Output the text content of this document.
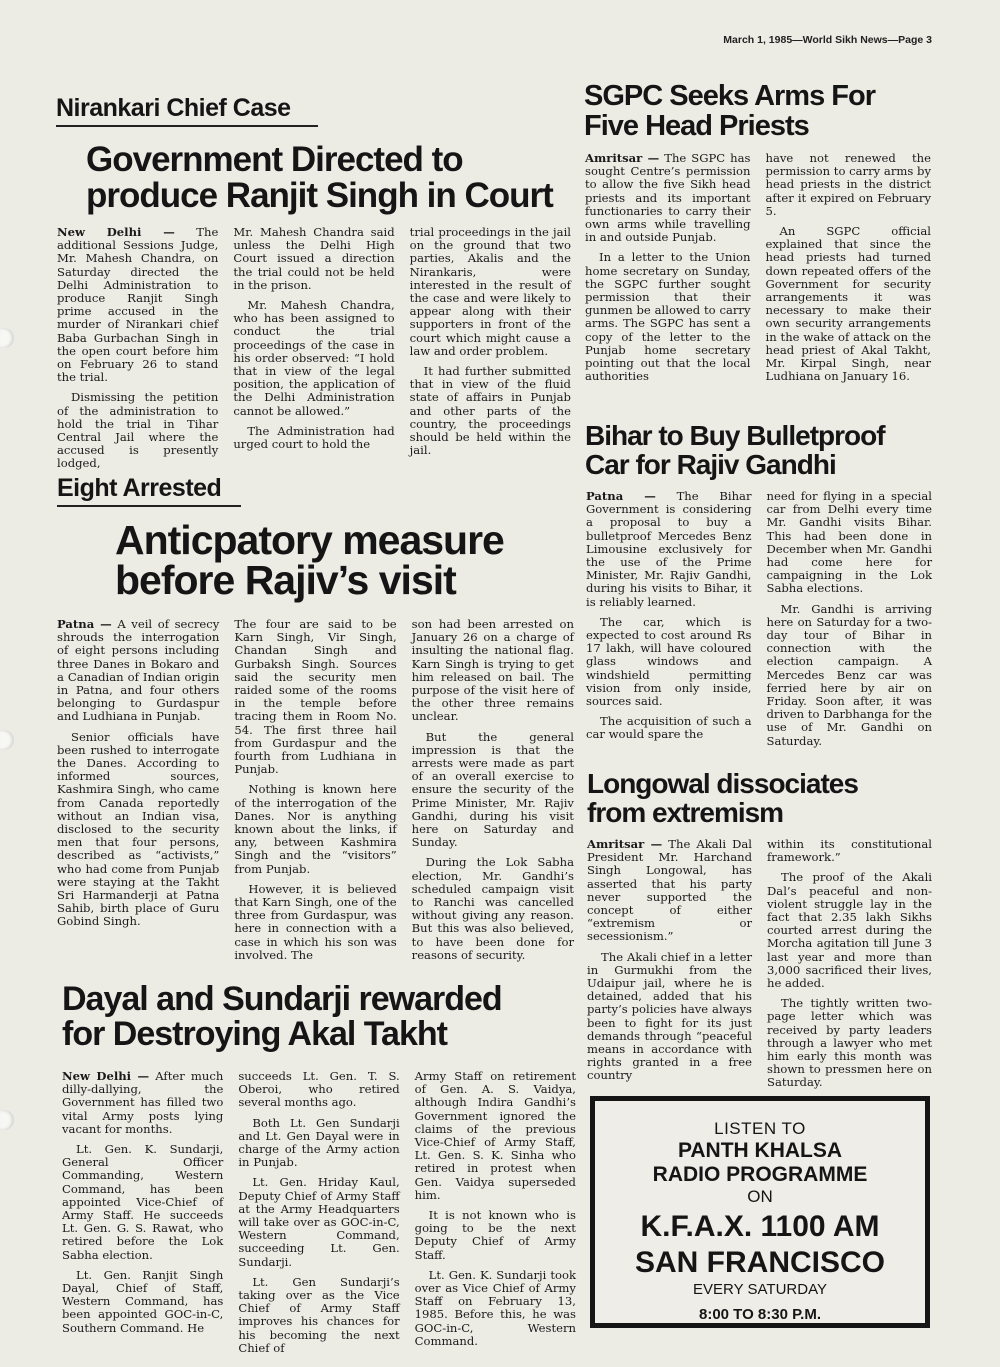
March 1, 1985—World Sikh News—Page 3
Nirankari Chief Case
Government Directed to
produce Ranjit Singh in Court

New Delhi — The additional Sessions Judge, Mr. Mahesh Chandra, on Saturday directed the Delhi Administration to produce Ranjit Singh prime accused in the murder of Nirankari chief Baba Gurbachan Singh in the open court before him on February 26 to stand the trial.

Dismissing the petition of the administration to hold the trial in Tihar Central Jail where the accused is presently lodged,

Mr. Mahesh Chandra said unless the Delhi High Court issued a direction the trial could not be held in the prison.

Mr. Mahesh Chandra, who has been assigned to conduct the trial proceedings of the case in his order observed: “I hold that in view of the legal position, the application of the Delhi Administration cannot be allowed.”

The Administration had urged court to hold the

trial proceedings in the jail on the ground that two parties, Akalis and the Nirankaris, were interested in the result of the case and were likely to appear along with their supporters in front of the court which might cause a law and order problem.

It had further submitted that in view of the fluid state of affairs in Punjab and other parts of the country, the proceedings should be held within the jail.

Eight Arrested
Anticpatory measure
before Rajiv’s visit

Patna — A veil of secrecy shrouds the interrogation of eight persons including three Danes in Bokaro and a Canadian of Indian origin in Patna, and four others belonging to Gurdaspur and Ludhiana in Punjab.

Senior officials have been rushed to interrogate the Danes. According to informed sources, Kashmira Singh, who came from Canada reportedly without an Indian visa, disclosed to the security men that four persons, described as “activists,” who had come from Punjab were staying at the Takht Sri Harmanderji at Patna Sahib, birth place of Guru Gobind Singh.

The four are said to be Karn Singh, Vir Singh, Chandan Singh and Gurbaksh Singh. Sources said the security men raided some of the rooms in the temple before tracing them in Room No. 54. The first three hail from Gurdaspur and the fourth from Ludhiana in Punjab.

Nothing is known here of the interrogation of the Danes. Nor is anything known about the links, if any, between Kashmira Singh and the “visitors” from Punjab.

However, it is believed that Karn Singh, one of the three from Gurdaspur, was here in connection with a case in which his son was involved. The

son had been arrested on January 26 on a charge of insulting the national flag. Karn Singh is trying to get him released on bail. The purpose of the visit here of the other three remains unclear.

But the general impression is that the arrests were made as part of an overall exercise to ensure the security of the Prime Minister, Mr. Rajiv Gandhi, during his visit here on Saturday and Sunday.

During the Lok Sabha election, Mr. Gandhi’s scheduled campaign visit to Ranchi was cancelled without giving any reason. But this was also believed, to have been done for reasons of security.

Dayal and Sundarji rewarded
for Destroying Akal Takht

New Delhi — After much dilly-dallying, the Government has filled two vital Army posts lying vacant for months.

Lt. Gen. K. Sundarji, General Officer Commanding, Western Command, has been appointed Vice-Chief of Army Staff. He succeeds Lt. Gen. G. S. Rawat, who retired before the Lok Sabha election.

Lt. Gen. Ranjit Singh Dayal, Chief of Staff, Western Command, has been appointed GOC-in-C, Southern Command. He

succeeds Lt. Gen. T. S. Oberoi, who retired several months ago.

Both Lt. Gen Sundarji and Lt. Gen Dayal were in charge of the Army action in Punjab.

Lt. Gen. Hriday Kaul, Deputy Chief of Army Staff at the Army Headquarters will take over as GOC-in-C, Western Command, succeeding Lt. Gen. Sundarji.

Lt. Gen Sundarji’s taking over as the Vice Chief of Army Staff improves his chances for his becoming the next Chief of

Army Staff on retirement of Gen. A. S. Vaidya, although Indira Gandhi’s Government ignored the claims of the previous Vice-Chief of Army Staff, Lt. Gen. S. K. Sinha who retired in protest when Gen. Vaidya superseded him.

It is not known who is going to be the next Deputy Chief of Army Staff.

Lt. Gen. K. Sundarji took over as Vice Chief of Army Staff on February 13, 1985. Before this, he was GOC-in-C, Western Command.

SGPC Seeks Arms For
Five Head Priests

Amritsar — The SGPC has sought Centre’s permission to allow the five Sikh head priests and its important functionaries to carry their own arms while travelling in and outside Punjab.

In a letter to the Union home secretary on Sunday, the SGPC further sought permission that their gunmen be allowed to carry arms. The SGPC has sent a copy of the letter to the Punjab home secretary pointing out that the local authorities

have not renewed the permission to carry arms by head priests in the district after it expired on February 5.

An SGPC official explained that since the head priests had turned down repeated offers of the Government for security arrangements it was necessary to make their own security arrangements in the wake of attack on the head priest of Akal Takht, Mr. Kirpal Singh, near Ludhiana on January 16.

Bihar to Buy Bulletproof
Car for Rajiv Gandhi

Patna — The Bihar Government is considering a proposal to buy a bulletproof Mercedes Benz Limousine exclusively for the use of the Prime Minister, Mr. Rajiv Gandhi, during his visits to Bihar, it is reliably learned.

The car, which is expected to cost around Rs 17 lakh, will have coloured glass windows and windshield permitting vision from only inside, sources said.

The acquisition of such a car would spare the

need for flying in a special car from Delhi every time Mr. Gandhi visits Bihar. This had been done in December when Mr. Gandhi had come here for campaigning in the Lok Sabha elections.

Mr. Gandhi is arriving here on Saturday for a two-day tour of Bihar in connection with the election campaign. A Mercedes Benz car was ferried here by air on Friday. Soon after, it was driven to Darbhanga for the use of Mr. Gandhi on Saturday.

Longowal dissociates
from extremism

Amritsar — The Akali Dal President Mr. Harchand Singh Longowal, has asserted that his party never supported the concept of either “extremism or secessionism.”

The Akali chief in a letter in Gurmukhi from the Udaipur jail, where he is detained, added that his party’s policies have always been to fight for its just demands through “peaceful means in accordance with rights granted in a free country

within its constitutional framework.”

The proof of the Akali Dal’s peaceful and non-violent struggle lay in the fact that 2.35 lakh Sikhs courted arrest during the Morcha agitation till June 3 last year and more than 3,000 sacrificed their lives, he added.

The tightly written two-page letter which was received by party leaders through a lawyer who met him early this month was shown to pressmen here on Saturday.

LISTEN TO
PANTH KHALSA
RADIO PROGRAMME
ON
K.F.A.X. 1100 AM
SAN FRANCISCO
EVERY SATURDAY
8:00 TO 8:30 P.M.
